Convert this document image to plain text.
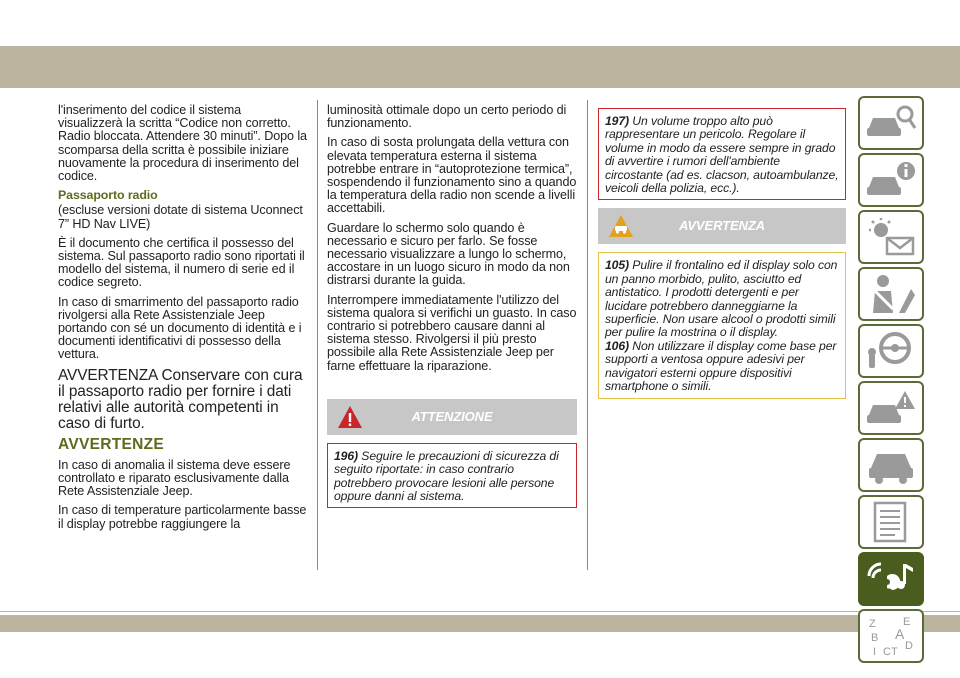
l'inserimento del codice il sistema visualizzerà la scritta “Codice non corretto. Radio bloccata. Attendere 30 minuti”. Dopo la scomparsa della scritta è possibile iniziare nuovamente la procedura di inserimento del codice.

Passaporto radio

(escluse versioni dotate di sistema Uconnect 7” HD Nav LIVE)

È il documento che certifica il possesso del sistema. Sul passaporto radio sono riportati il modello del sistema, il numero di serie ed il codice segreto.

In caso di smarrimento del passaporto radio rivolgersi alla Rete Assistenziale Jeep portando con sé un documento di identità e i documenti identificativi di possesso della vettura.

AVVERTENZA Conservare con cura il passaporto radio per fornire i dati relativi alle autorità competenti in caso di furto.

AVVERTENZE

In caso di anomalia il sistema deve essere controllato e riparato esclusivamente dalla Rete Assistenziale Jeep.

In caso di temperature particolarmente basse il display potrebbe raggiungere la

luminosità ottimale dopo un certo periodo di funzionamento.

In caso di sosta prolungata della vettura con elevata temperatura esterna il sistema potrebbe entrare in “autoprotezione termica”, sospendendo il funzionamento sino a quando la temperatura della radio non scende a livelli accettabili.

Guardare lo schermo solo quando è necessario e sicuro per farlo. Se fosse necessario visualizzare a lungo lo schermo, accostare in un luogo sicuro in modo da non distrarsi durante la guida.

Interrompere immediatamente l'utilizzo del sistema qualora si verifichi un guasto. In caso contrario si potrebbero causare danni al sistema stesso. Rivolgersi il più presto possibile alla Rete Assistenziale Jeep per farne effettuare la riparazione.

ATTENZIONE
196) Seguire le precauzioni di sicurezza di seguito riportate: in caso contrario potrebbero provocare lesioni alle persone oppure danni al sistema.
197) Un volume troppo alto può rappresentare un pericolo. Regolare il volume in modo da essere sempre in grado di avvertire i rumori dell'ambiente circostante (ad es. clacson, autoambulanze, veicoli della polizia, ecc.).
AVVERTENZA
105) Pulire il frontalino ed il display solo con un panno morbido, pulito, asciutto ed antistatico. I prodotti detergenti e per lucidare potrebbero danneggiarne la superficie. Non usare alcool o prodotti simili per pulire la mostrina o il display.
106) Non utilizzare il display come base per supporti a ventosa oppure adesivi per navigatori esterni oppure dispositivi smartphone o simili.
Z E
A
B
C D
I T
305
